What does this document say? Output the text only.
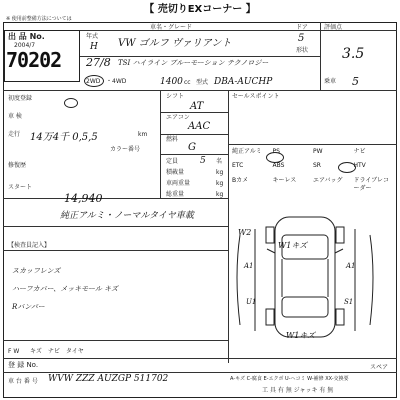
【 売切りEXコーナー 】
※ 使用前整備方法については
出 品 No.
2004/7
70202
車名・グレード
VW ゴルフ ヴァリアント
年式
H
27/8 TSI ハイライン ブルーモーション テクノロジー
2WD ・4WD	1400 cc 型式 DBA-AUCHP
ドア
5
形状
評価点
3.5
乗車 5
初度登録
車 検
走行 14万4千 0,5,5	km
カラー番号
修復歴
スタート
14,940
シフト
AT
エアコン
AAC
燃料
G
定員 5 名
積載量	kg
車両重量	kg
総重量	kg
セールスポイント
純正アルミ	PS	PW	ナビ
ETC	ABS	SR	HTV
Bカメ	キーレス	エアバッグ	ドライブレコーダー
純正アルミ・ノーマルタイヤ車載
【検査員記入】
スカッフレンズ
ハーフカバー、メッキモール キズ
Rバンパー
W2
W1キズ
A1	A1
U1	S1
W1キズ
スペア
F W キズ ナビ タイヤ
登 録 No.
車 台 番 号 WVW ZZZ AUZGP 511702	A-キズ C-腐食 E-エクボ U-ヘコミ W-補修 XX-交換要
工 具 有 無 ジャッキ 有 無
